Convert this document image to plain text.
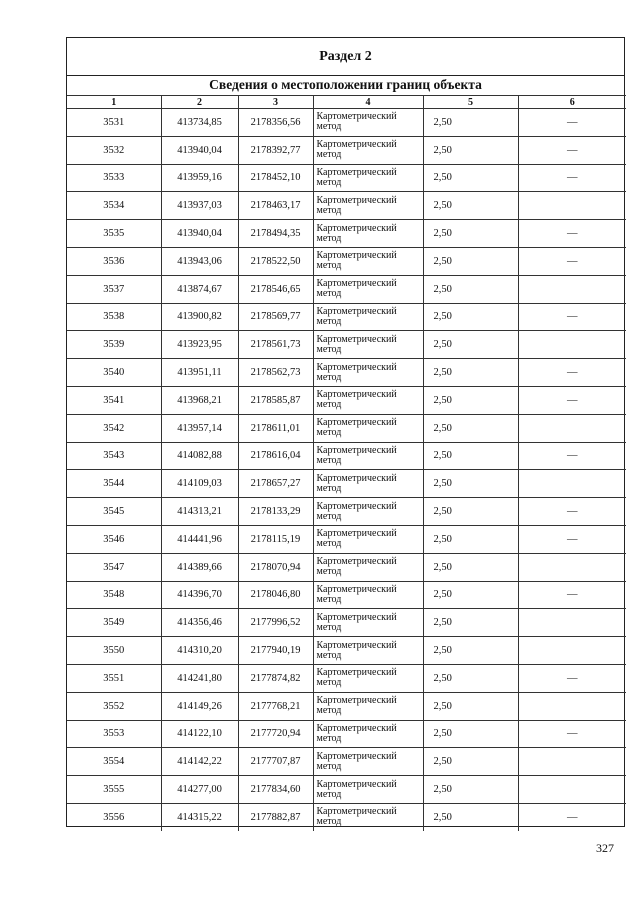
Раздел 2
Сведения о местоположении границ объекта
1	2	3	4	5	6
3531	413734,85	2178356,56	Картометрический метод	2,50	—
3532	413940,04	2178392,77	Картометрический метод	2,50	—
3533	413959,16	2178452,10	Картометрический метод	2,50	—
3534	413937,03	2178463,17	Картометрический метод	2,50	
3535	413940,04	2178494,35	Картометрический метод	2,50	—
3536	413943,06	2178522,50	Картометрический метод	2,50	—
3537	413874,67	2178546,65	Картометрический метод	2,50	
3538	413900,82	2178569,77	Картометрический метод	2,50	—
3539	413923,95	2178561,73	Картометрический метод	2,50	
3540	413951,11	2178562,73	Картометрический метод	2,50	—
3541	413968,21	2178585,87	Картометрический метод	2,50	—
3542	413957,14	2178611,01	Картометрический метод	2,50	
3543	414082,88	2178616,04	Картометрический метод	2,50	—
3544	414109,03	2178657,27	Картометрический метод	2,50	
3545	414313,21	2178133,29	Картометрический метод	2,50	—
3546	414441,96	2178115,19	Картометрический метод	2,50	—
3547	414389,66	2178070,94	Картометрический метод	2,50	
3548	414396,70	2178046,80	Картометрический метод	2,50	—
3549	414356,46	2177996,52	Картометрический метод	2,50	
3550	414310,20	2177940,19	Картометрический метод	2,50	
3551	414241,80	2177874,82	Картометрический метод	2,50	—
3552	414149,26	2177768,21	Картометрический метод	2,50	
3553	414122,10	2177720,94	Картометрический метод	2,50	—
3554	414142,22	2177707,87	Картометрический метод	2,50	
3555	414277,00	2177834,60	Картометрический метод	2,50	
3556	414315,22	2177882,87	Картометрический метод	2,50	—
327
